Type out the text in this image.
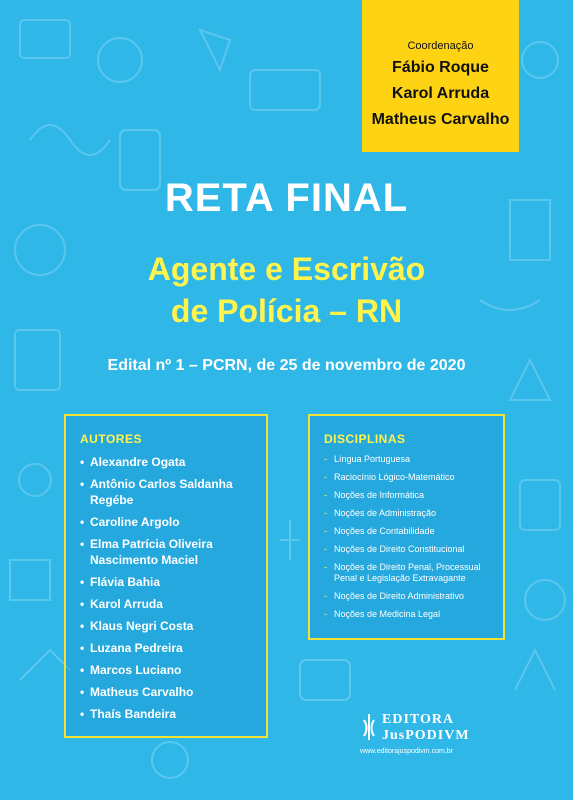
Coordenação
Fábio Roque
Karol Arruda
Matheus Carvalho
RETA FINAL
Agente e Escrivão
de Polícia – RN
Edital nº 1 – PCRN, de 25 de novembro de 2020
AUTORES
• Alexandre Ogata
• Antônio Carlos Saldanha Regébe
• Caroline Argolo
• Elma Patrícia Oliveira Nascimento Maciel
• Flávia Bahia
• Karol Arruda
• Klaus Negri Costa
• Luzana Pedreira
• Marcos Luciano
• Matheus Carvalho
• Thaís Bandeira
DISCIPLINAS
- Língua Portuguesa
- Raciocínio Lógico-Matemático
- Noções de Informática
- Noções de Administração
- Noções de Contabilidade
- Noções de Direito Constitucional
- Noções de Direito Penal, Processual Penal e Legislação Extravagante
- Noções de Direito Administrativo
- Noções de Medicina Legal
EDITORA
JusPODIVM
www.editorajuspodivm.com.br
